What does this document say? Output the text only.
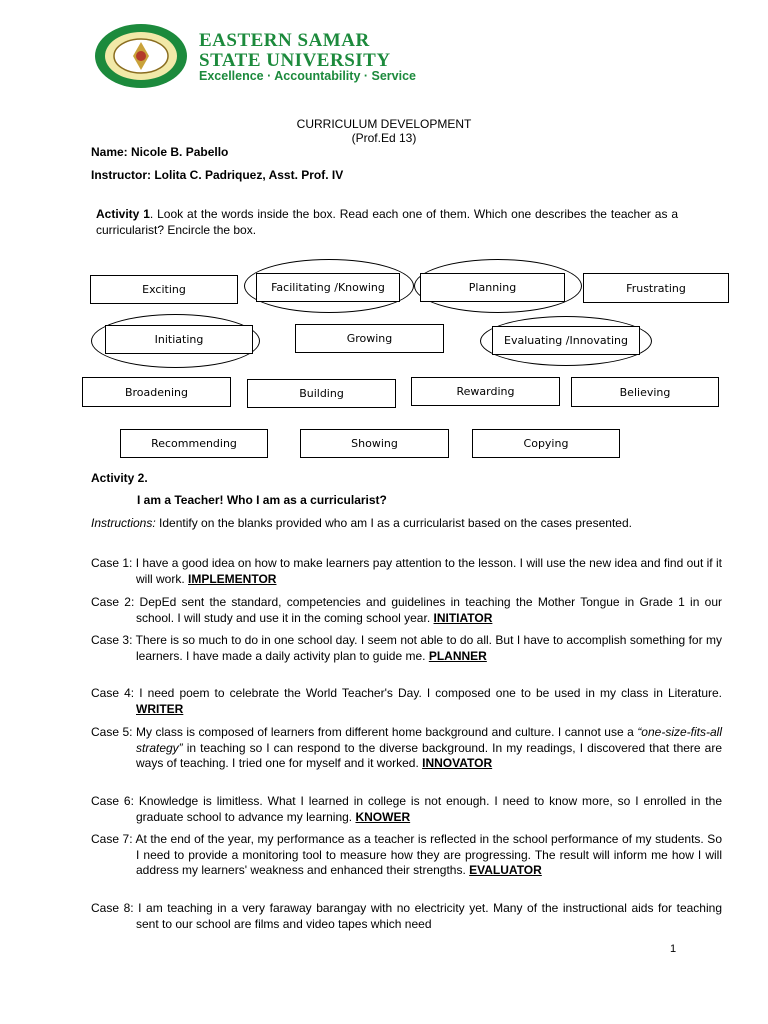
EASTERN SAMAR
STATE UNIVERSITY
Excellence · Accountability · Service
CURRICULUM DEVELOPMENT
(Prof.Ed 13)
Name: Nicole B. Pabello
Instructor: Lolita C. Padriquez, Asst. Prof. IV
Activity 1. Look at the words inside the box. Read each one of them. Which one describes the teacher as a curricularist? Encircle the box.
Exciting	Facilitating /Knowing	Planning	Frustrating
Initiating	Growing	Evaluating /Innovating
Broadening	Building	Rewarding	Believing
Recommending	Showing	Copying
Activity 2.
I am a Teacher! Who I am as a curricularist?
Instructions: Identify on the blanks provided who am I as a curricularist based on the cases presented.
Case 1: I have a good idea on how to make learners pay attention to the lesson. I will use the new idea and find out if it will work. IMPLEMENTOR
Case 2: DepEd sent the standard, competencies and guidelines in teaching the Mother Tongue in Grade 1 in our school. I will study and use it in the coming school year. INITIATOR
Case 3: There is so much to do in one school day. I seem not able to do all. But I have to accomplish something for my learners. I have made a daily activity plan to guide me. PLANNER
Case 4: I need poem to celebrate the World Teacher's Day. I composed one to be used in my class in Literature. WRITER
Case 5: My class is composed of learners from different home background and culture. I cannot use a “one-size-fits-all strategy” in teaching so I can respond to the diverse background. In my readings, I discovered that there are ways of teaching. I tried one for myself and it worked. INNOVATOR
Case 6: Knowledge is limitless. What I learned in college is not enough. I need to know more, so I enrolled in the graduate school to advance my learning. KNOWER
Case 7: At the end of the year, my performance as a teacher is reflected in the school performance of my students. So I need to provide a monitoring tool to measure how they are progressing. The result will inform me how I will address my learners' weakness and enhanced their strengths. EVALUATOR
Case 8: I am teaching in a very faraway barangay with no electricity yet. Many of the instructional aids for teaching sent to our school are films and video tapes which need
1
